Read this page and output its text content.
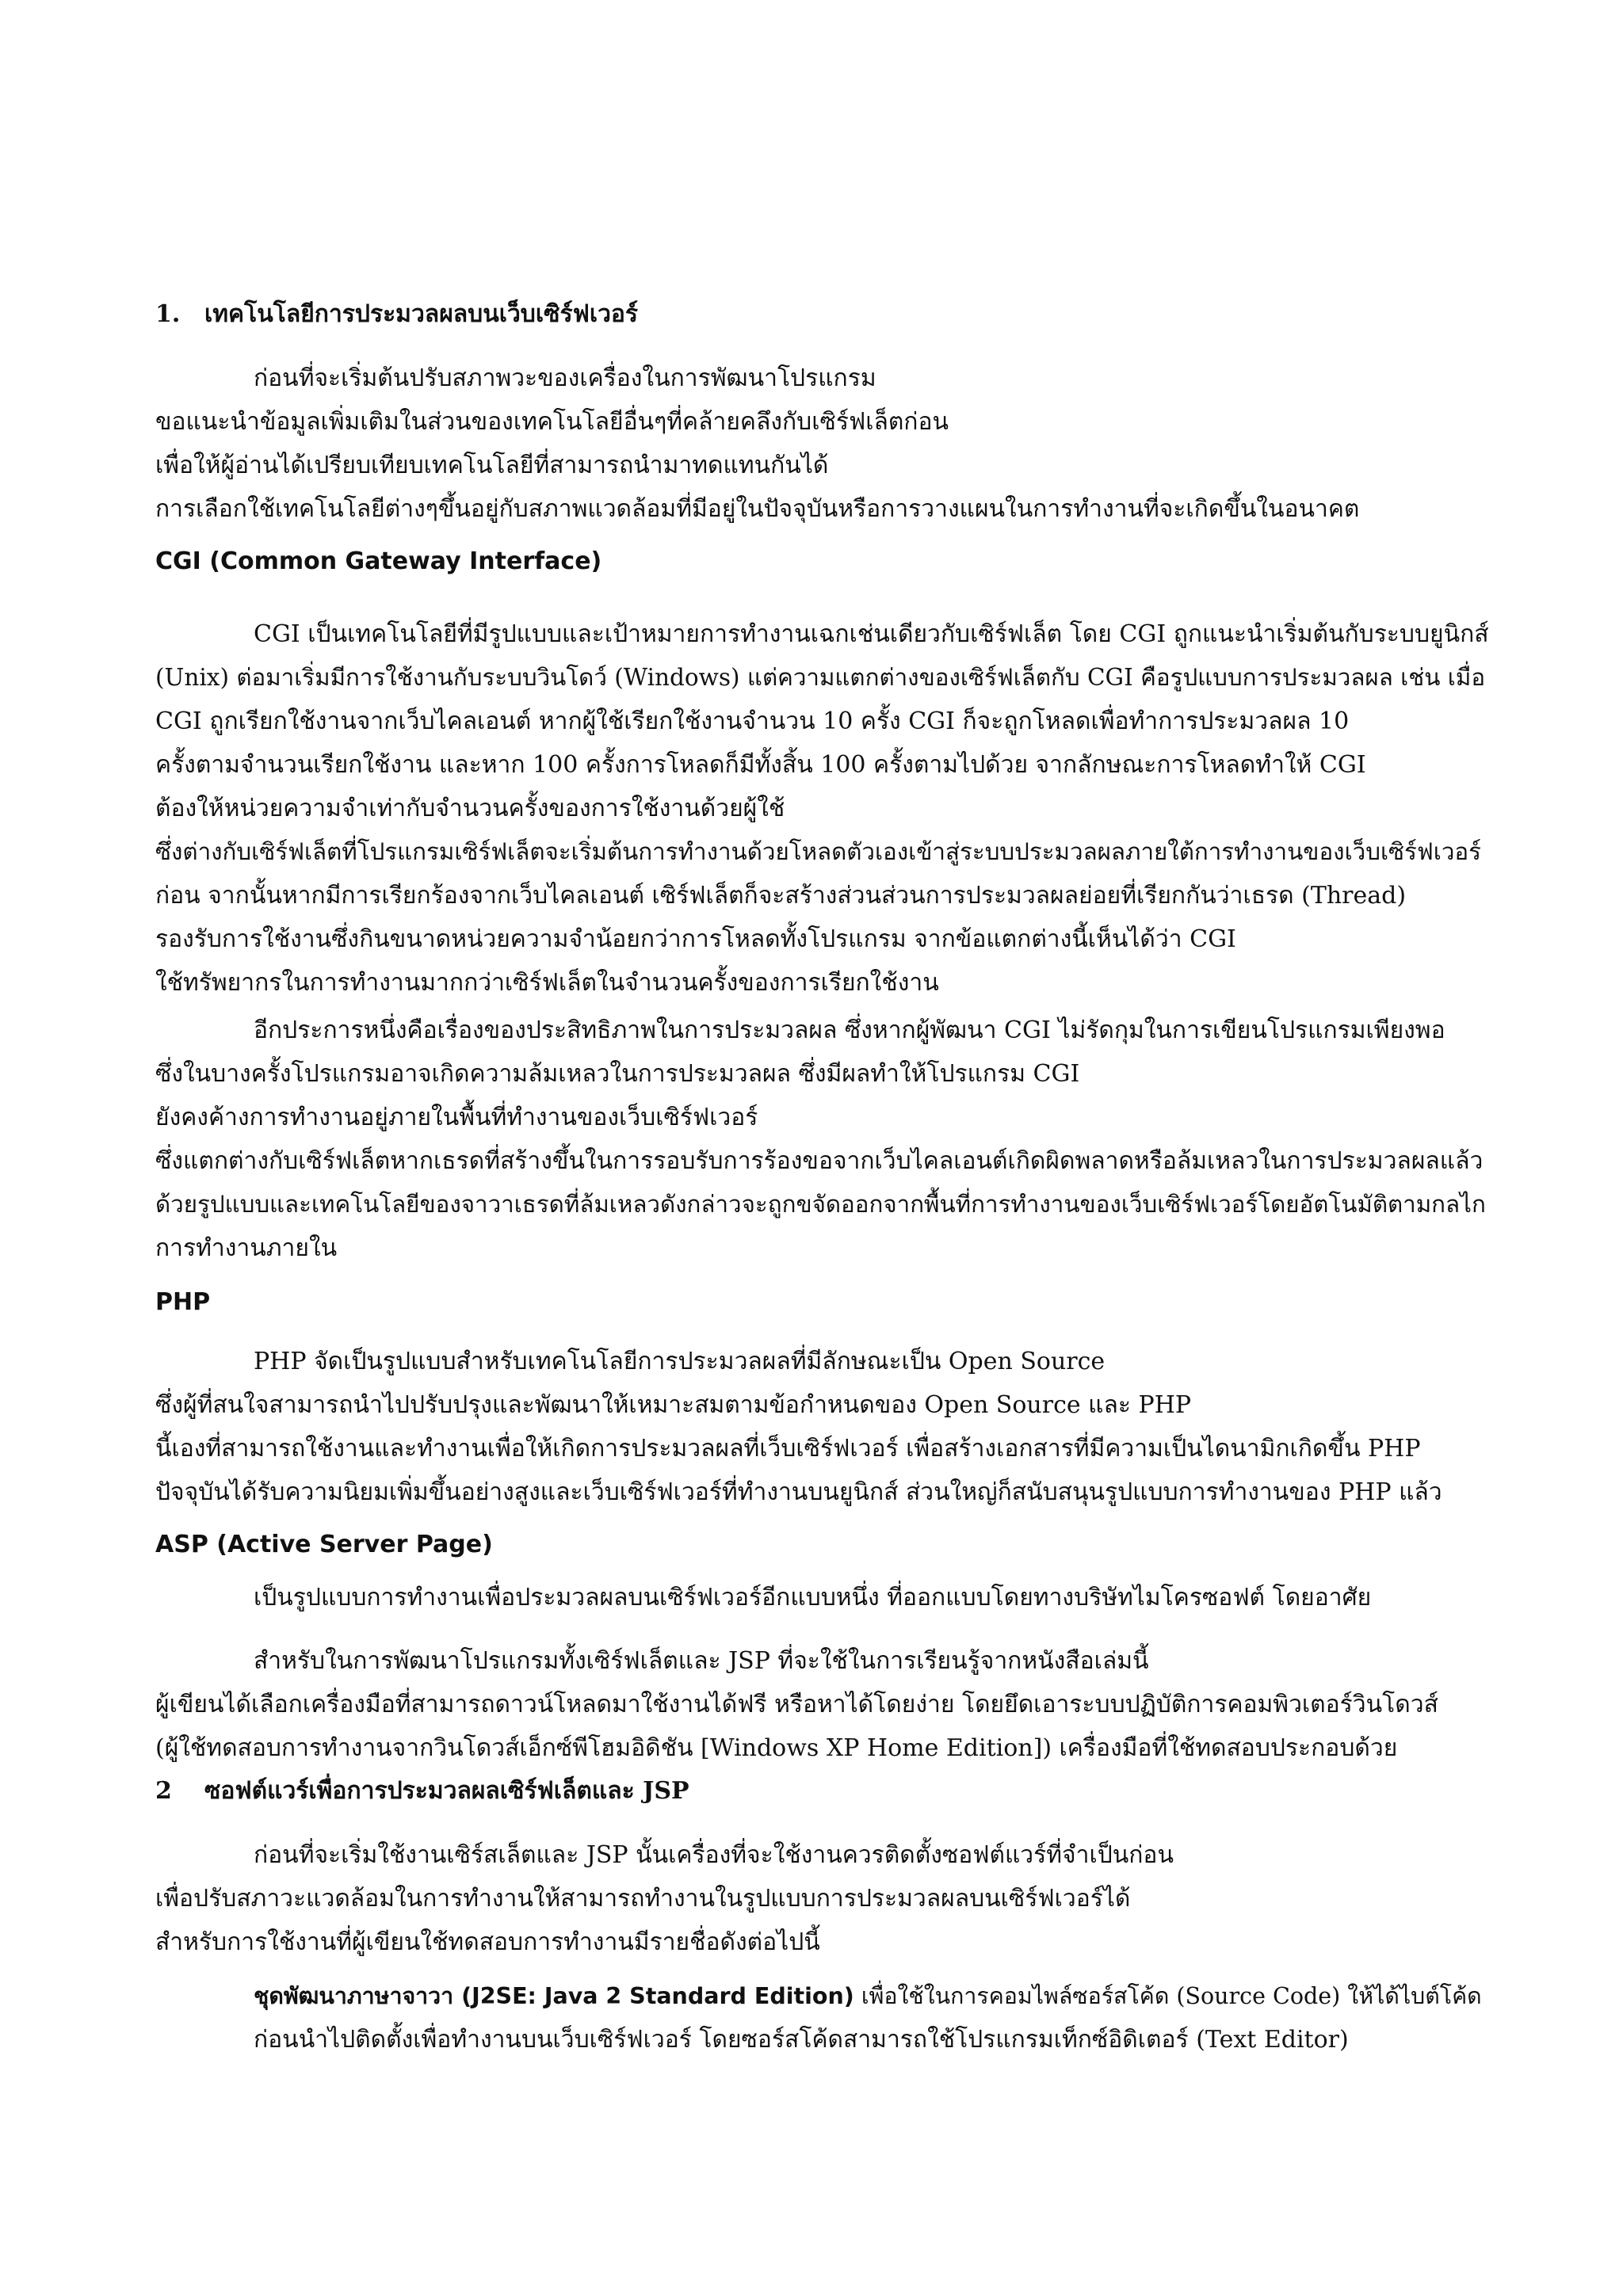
1. เทคโนโลยีการประมวลผลบนเว็บเซิร์ฟเวอร์
ก่อนที่จะเริ่มต้นปรับสภาพวะของเครื่องในการพัฒนาโปรแกรม
ขอแนะนำข้อมูลเพิ่มเติมในส่วนของเทคโนโลยีอื่นๆที่คล้ายคลึงกับเซิร์ฟเล็ตก่อน
เพื่อให้ผู้อ่านได้เปรียบเทียบเทคโนโลยีที่สามารถนำมาทดแทนกันได้
การเลือกใช้เทคโนโลยีต่างๆขึ้นอยู่กับสภาพแวดล้อมที่มีอยู่ในปัจจุบันหรือการวางแผนในการทำงานที่จะเกิดขึ้นในอนาคต
CGI (Common Gateway Interface)
CGI เป็นเทคโนโลยีที่มีรูปแบบและเป้าหมายการทำงานเฉกเช่นเดียวกับเซิร์ฟเล็ต โดย CGI ถูกแนะนำเริ่มต้นกับระบบยูนิกส์
(Unix) ต่อมาเริ่มมีการใช้งานกับระบบวินโดว์ (Windows) แต่ความแตกต่างของเซิร์ฟเล็ตกับ CGI คือรูปแบบการประมวลผล เช่น เมื่อ
CGI ถูกเรียกใช้งานจากเว็บไคลเอนต์ หากผู้ใช้เรียกใช้งานจำนวน 10 ครั้ง CGI ก็จะถูกโหลดเพื่อทำการประมวลผล 10
ครั้งตามจำนวนเรียกใช้งาน และหาก 100 ครั้งการโหลดก็มีทั้งสิ้น 100 ครั้งตามไปด้วย จากลักษณะการโหลดทำให้ CGI
ต้องให้หน่วยความจำเท่ากับจำนวนครั้งของการใช้งานด้วยผู้ใช้
ซึ่งต่างกับเซิร์ฟเล็ตที่โปรแกรมเซิร์ฟเล็ตจะเริ่มต้นการทำงานด้วยโหลดตัวเองเข้าสู่ระบบประมวลผลภายใต้การทำงานของเว็บเซิร์ฟเวอร์
ก่อน จากนั้นหากมีการเรียกร้องจากเว็บไคลเอนต์ เซิร์ฟเล็ตก็จะสร้างส่วนส่วนการประมวลผลย่อยที่เรียกกันว่าเธรด (Thread)
รองรับการใช้งานซึ่งกินขนาดหน่วยความจำน้อยกว่าการโหลดทั้งโปรแกรม จากข้อแตกต่างนี้เห็นได้ว่า CGI
ใช้ทรัพยากรในการทำงานมากกว่าเซิร์ฟเล็ตในจำนวนครั้งของการเรียกใช้งาน
อีกประการหนึ่งคือเรื่องของประสิทธิภาพในการประมวลผล ซึ่งหากผู้พัฒนา CGI ไม่รัดกุมในการเขียนโปรแกรมเพียงพอ
ซึ่งในบางครั้งโปรแกรมอาจเกิดความล้มเหลวในการประมวลผล ซึ่งมีผลทำให้โปรแกรม CGI
ยังคงค้างการทำงานอยู่ภายในพื้นที่ทำงานของเว็บเซิร์ฟเวอร์
ซึ่งแตกต่างกับเซิร์ฟเล็ตหากเธรดที่สร้างขึ้นในการรอบรับการร้องขอจากเว็บไคลเอนต์เกิดผิดพลาดหรือล้มเหลวในการประมวลผลแล้ว
ด้วยรูปแบบและเทคโนโลยีของจาวาเธรดที่ล้มเหลวดังกล่าวจะถูกขจัดออกจากพื้นที่การทำงานของเว็บเซิร์ฟเวอร์โดยอัตโนมัติตามกลไก
การทำงานภายใน
PHP
PHP จัดเป็นรูปแบบสำหรับเทคโนโลยีการประมวลผลที่มีลักษณะเป็น Open Source
ซึ่งผู้ที่สนใจสามารถนำไปปรับปรุงและพัฒนาให้เหมาะสมตามข้อกำหนดของ Open Source และ PHP
นี้เองที่สามารถใช้งานและทำงานเพื่อให้เกิดการประมวลผลที่เว็บเซิร์ฟเวอร์ เพื่อสร้างเอกสารที่มีความเป็นไดนามิกเกิดขึ้น PHP
ปัจจุบันได้รับความนิยมเพิ่มขึ้นอย่างสูงและเว็บเซิร์ฟเวอร์ที่ทำงานบนยูนิกส์ ส่วนใหญ่ก็สนับสนุนรูปแบบการทำงานของ PHP แล้ว
ASP (Active Server Page)
เป็นรูปแบบการทำงานเพื่อประมวลผลบนเซิร์ฟเวอร์อีกแบบหนึ่ง ที่ออกแบบโดยทางบริษัทไมโครซอฟต์ โดยอาศัย
สำหรับในการพัฒนาโปรแกรมทั้งเซิร์ฟเล็ตและ JSP ที่จะใช้ในการเรียนรู้จากหนังสือเล่มนี้
ผู้เขียนได้เลือกเครื่องมือที่สามารถดาวน์โหลดมาใช้งานได้ฟรี หรือหาได้โดยง่าย โดยยึดเอาระบบปฏิบัติการคอมพิวเตอร์วินโดวส์
(ผู้ใช้ทดสอบการทำงานจากวินโดวส์เอ็กซ์พีโฮมอิดิชัน [Windows XP Home Edition]) เครื่องมือที่ใช้ทดสอบประกอบด้วย
2 ซอฟต์แวร์เพื่อการประมวลผลเซิร์ฟเล็ตและ JSP
ก่อนที่จะเริ่มใช้งานเซิร์สเล็ตและ JSP นั้นเครื่องที่จะใช้งานควรติดตั้งซอฟต์แวร์ที่จำเป็นก่อน
เพื่อปรับสภาวะแวดล้อมในการทำงานให้สามารถทำงานในรูปแบบการประมวลผลบนเซิร์ฟเวอร์ได้
สำหรับการใช้งานที่ผู้เขียนใช้ทดสอบการทำงานมีรายชื่อดังต่อไปนี้
ชุดพัฒนาภาษาจาวา (J2SE: Java 2 Standard Edition) เพื่อใช้ในการคอมไพล์ซอร์สโค้ด (Source Code) ให้ได้ไบต์โค้ด
ก่อนนำไปติดตั้งเพื่อทำงานบนเว็บเซิร์ฟเวอร์ โดยซอร์สโค้ดสามารถใช้โปรแกรมเท็กซ์อิดิเตอร์ (Text Editor)
